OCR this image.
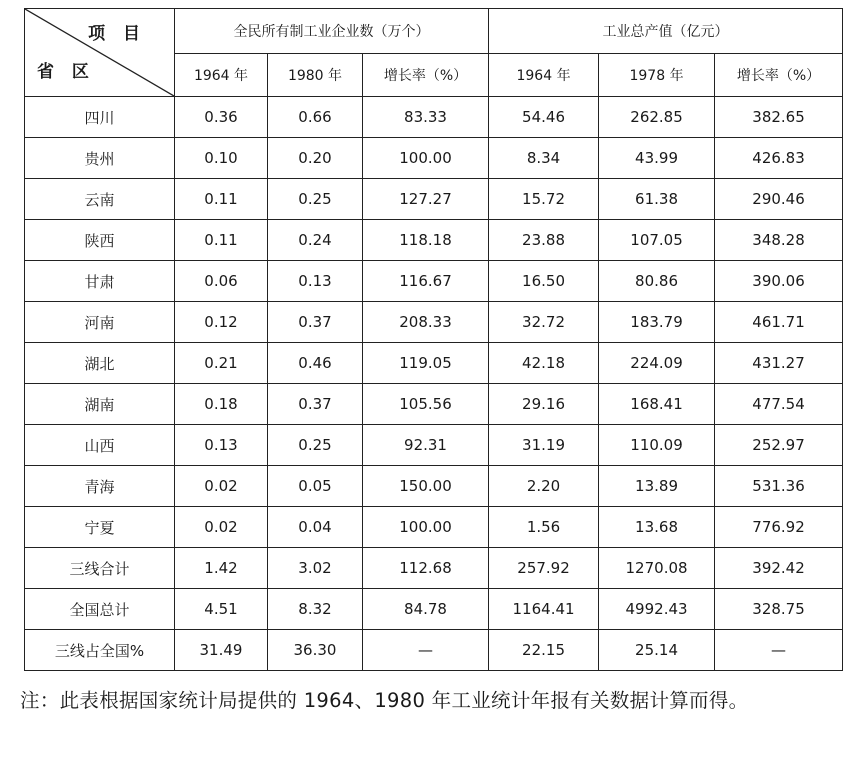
项 目
省 区	全民所有制工业企业数（万个）			工业总产值（亿元）		
	1964 年	1980 年	增长率（%）	1964 年	1978 年	增长率（%）
四川	0.36	0.66	83.33	54.46	262.85	382.65
贵州	0.10	0.20	100.00	8.34	43.99	426.83
云南	0.11	0.25	127.27	15.72	61.38	290.46
陕西	0.11	0.24	118.18	23.88	107.05	348.28
甘肃	0.06	0.13	116.67	16.50	80.86	390.06
河南	0.12	0.37	208.33	32.72	183.79	461.71
湖北	0.21	0.46	119.05	42.18	224.09	431.27
湖南	0.18	0.37	105.56	29.16	168.41	477.54
山西	0.13	0.25	92.31	31.19	110.09	252.97
青海	0.02	0.05	150.00	2.20	13.89	531.36
宁夏	0.02	0.04	100.00	1.56	13.68	776.92
三线合计	1.42	3.02	112.68	257.92	1270.08	392.42
全国总计	4.51	8.32	84.78	1164.41	4992.43	328.75
三线占全国%	31.49	36.30	—	22.15	25.14	—
注：此表根据国家统计局提供的 1964、1980 年工业统计年报有关数据计算而得。
